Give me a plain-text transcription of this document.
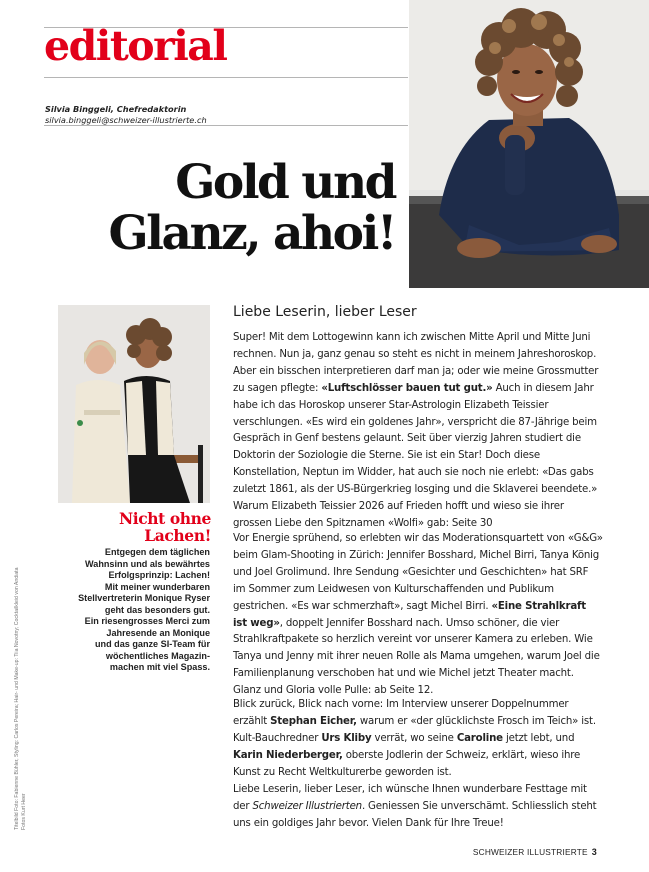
editorial
Silvia Binggeli, Chefredaktorin
silvia.binggeli@schweizer-illustrierte.ch
Gold und
Glanz, ahoi!
Nicht ohne
Lachen!
Entgegen dem täglichen
Wahnsinn und als bewährtes
Erfolgsprinzip: Lachen!
Mit meiner wunderbaren
Stellvertreterin Monique Ryser
geht das besonders gut.
Ein riesengrosses Merci zum
Jahresende an Monique
und das ganze SI-Team für
wöchentliches Magazin-
machen mit viel Spass.
Titelbild Foto: Fabienne Bühler, Styling: Carlos Pereira; Hair- und Make-up: Tiia Novotny; Cocktailkleid von Andiata Fotos Kurt Heer
Liebe Leserin, lieber Leser
Super! Mit dem Lottogewinn kann ich zwischen Mitte April und Mitte Juni rechnen. Nun ja, ganz genau so steht es nicht in meinem Jahreshoroskop. Aber ein bisschen interpretieren darf man ja; oder wie meine Grossmutter zu sagen pflegte: «Luftschlösser bauen tut gut.» Auch in diesem Jahr habe ich das Horoskop unserer Star-Astrologin Elizabeth Teissier verschlungen. «Es wird ein goldenes Jahr», verspricht die 87-Jährige beim Gespräch in Genf bestens gelaunt. Seit über vierzig Jahren studiert die Doktorin der Soziologie die Sterne. Sie ist ein Star! Doch diese Konstellation, Neptun im Widder, hat auch sie noch nie erlebt: «Das gabs zuletzt 1861, als der US-Bürgerkrieg losging und die Sklaverei beendete.» Warum Elizabeth Teissier 2026 auf Frieden hofft und wieso sie ihrer grossen Liebe den Spitznamen «Wolfi» gab: Seite 30
Vor Energie sprühend, so erlebten wir das Moderationsquartett von «G&G» beim Glam-Shooting in Zürich: Jennifer Bosshard, Michel Birri, Tanya König und Joel Grolimund. Ihre Sendung «Gesichter und Geschichten» hat SRF im Sommer zum Leidwesen von Kulturschaffenden und Publikum gestrichen. «Es war schmerzhaft», sagt Michel Birri. «Eine Strahlkraft ist weg», doppelt Jennifer Bosshard nach. Umso schöner, die vier Strahlkraftpakete so herzlich vereint vor unserer Kamera zu erleben. Wie Tanya und Jenny mit ihrer neuen Rolle als Mama umgehen, warum Joel die Familienplanung verschoben hat und wie Michel jetzt Theater macht. Glanz und Gloria volle Pulle: ab Seite 12.
Blick zurück, Blick nach vorne: Im Interview unserer Doppelnummer erzählt Stephan Eicher, warum er «der glücklichste Frosch im Teich» ist. Kult-Bauchredner Urs Kliby verrät, wo seine Caroline jetzt lebt, und Karin Niederberger, oberste Jodlerin der Schweiz, erklärt, wieso ihre Kunst zu Recht Weltkulturerbe geworden ist.
Liebe Leserin, lieber Leser, ich wünsche Ihnen wunderbare Festtage mit der Schweizer Illustrierten. Geniessen Sie unverschämt. Schliesslich steht uns ein goldiges Jahr bevor. Vielen Dank für Ihre Treue!
SCHWEIZER ILLUSTRIERTE 3
